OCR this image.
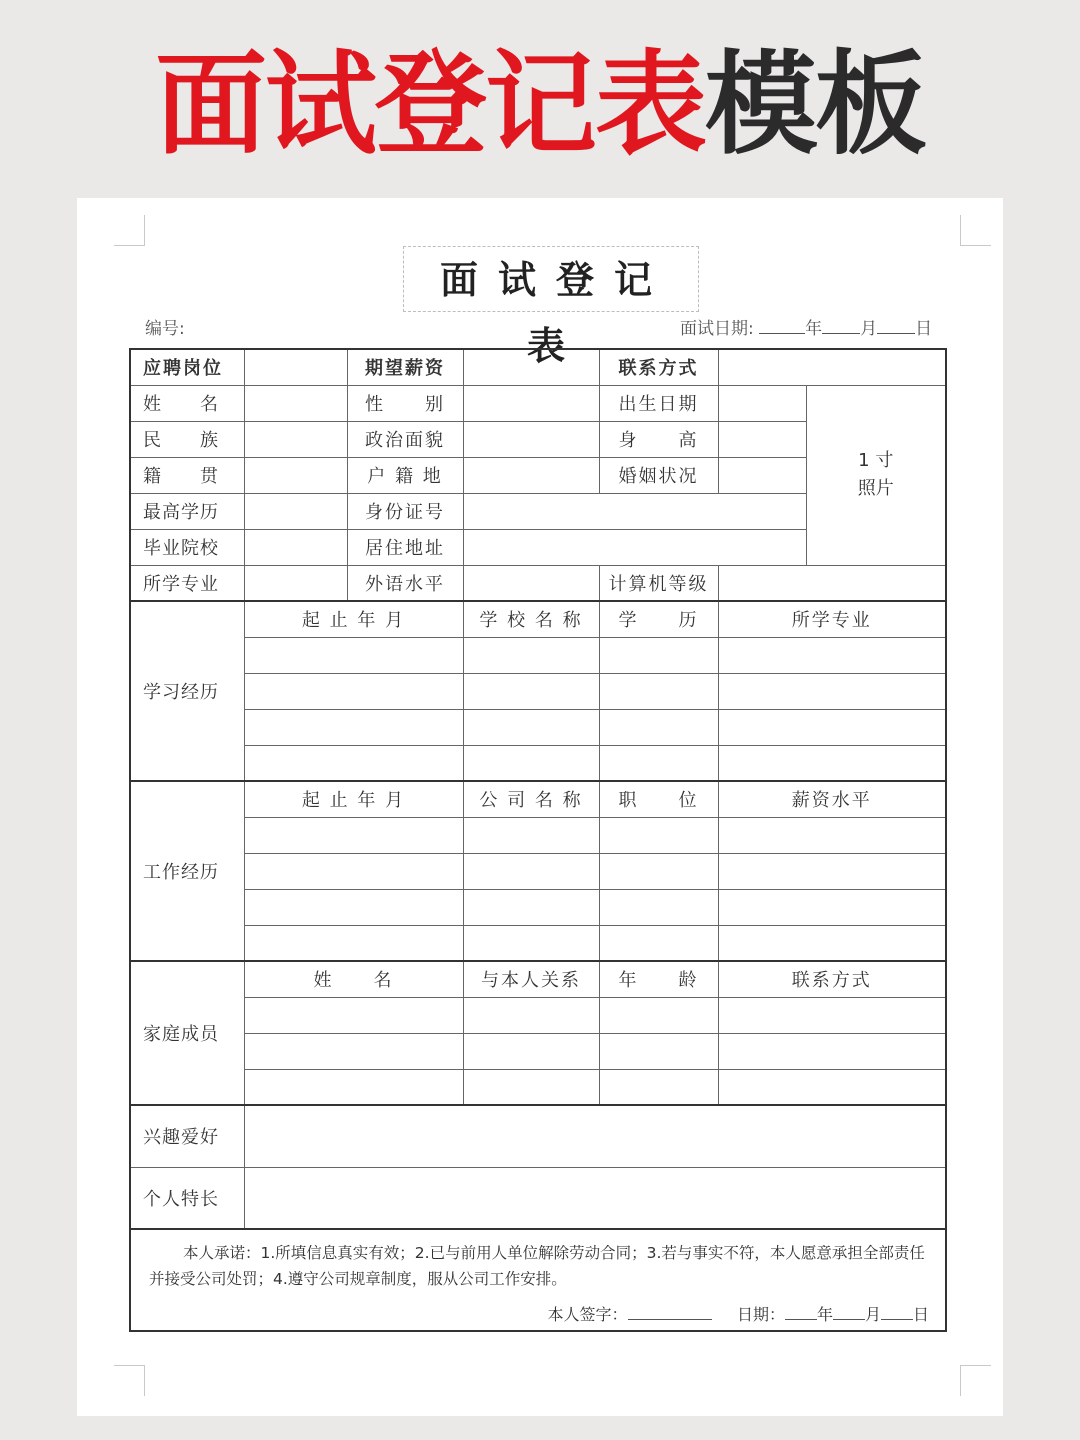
面试登记表模板
面试登记表
编号:	面试日期:	年 月 日
应聘岗位		期望薪资		联系方式		
姓　　名		性　　别		出生日期		1 寸
照片
民　　族		政治面貌		身　　高		
籍　　贯		户 籍 地		婚姻状况		
最高学历		身份证号				
毕业院校		居住地址				
所学专业		外语水平		计算机等级		
学习经历	起 止 年 月		学 校 名 称	学　　历	所学专业	

工作经历	起 止 年 月		公 司 名 称	职　　位	薪资水平	

家庭成员	姓　　名		与本人关系	年　　龄	联系方式	

兴趣爱好						
个人特长						

本人承诺：1.所填信息真实有效；2.已与前用人单位解除劳动合同；3.若与事实不符，本人愿意承担全部责任并接受公司处罚；4.遵守公司规章制度，服从公司工作安排。
本人签字： 日期： 年 月 日						
